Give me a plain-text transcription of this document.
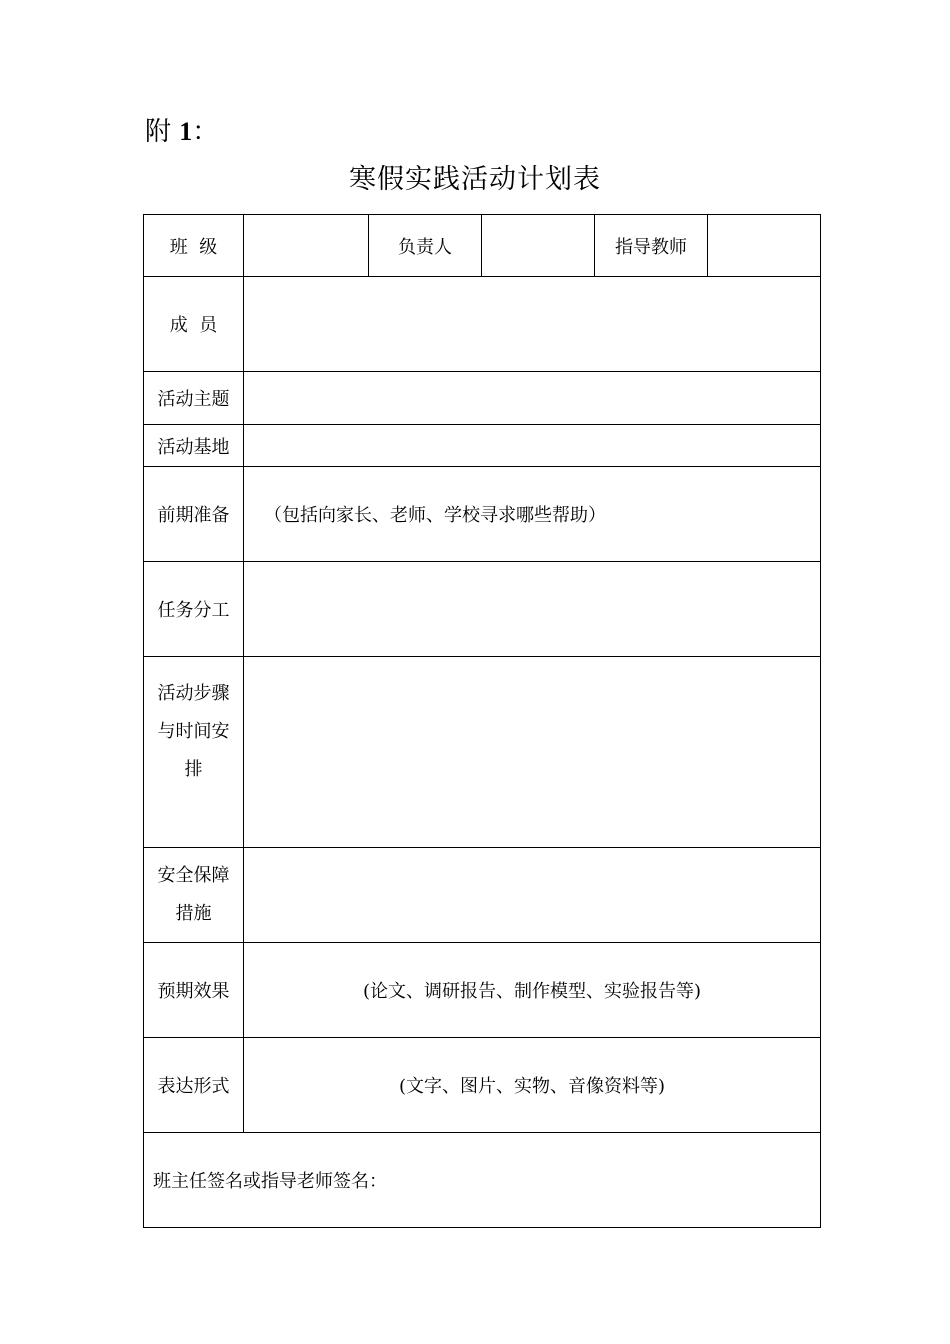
附 1：
寒假实践活动计划表
班  级		负责人		指导教师	
成  员					
活动主题					
活动基地					
前期准备	（包括向家长、老师、学校寻求哪些帮助）				
任务分工					

活动步骤
与时间安
排					

安全保障
措施					

预期效果	(论文、调研报告、制作模型、实验报告等)				
表达形式	(文字、图片、实物、音像资料等)				
班主任签名或指导老师签名：					
